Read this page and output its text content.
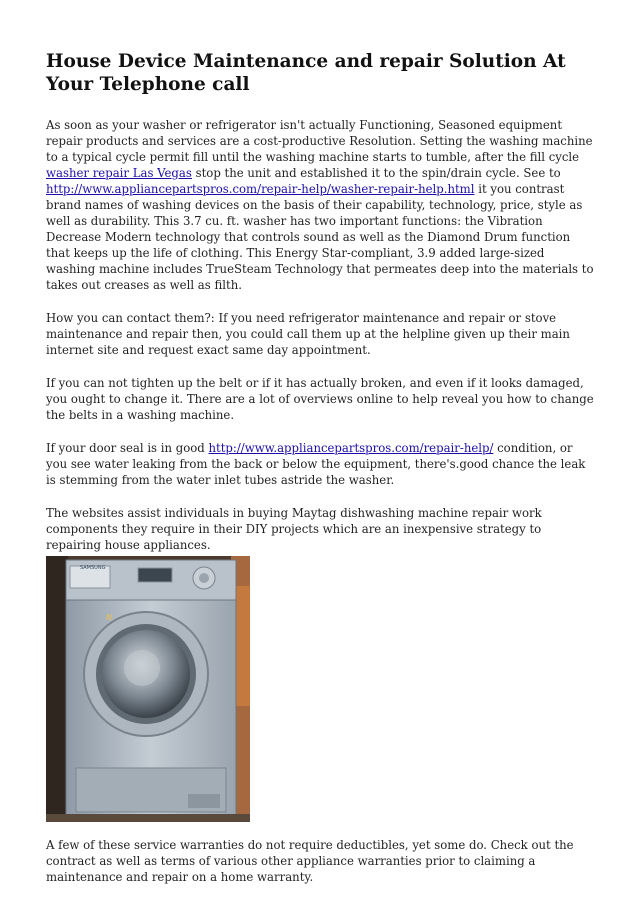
House Device Maintenance and repair Solution At Your Telephone call

As soon as your washer or refrigerator isn't actually Functioning, Seasoned equipment repair products and services are a cost-productive Resolution. Setting the washing machine to a typical cycle permit fill until the washing machine starts to tumble, after the fill cycle washer repair Las Vegas stop the unit and established it to the spin/drain cycle. See to http://www.appliancepartspros.com/repair-help/washer-repair-help.html it you contrast brand names of washing devices on the basis of their capability, technology, price, style as well as durability. This 3.7 cu. ft. washer has two important functions: the Vibration Decrease Modern technology that controls sound as well as the Diamond Drum function that keeps up the life of clothing. This Energy Star-compliant, 3.9 added large-sized washing machine includes TrueSteam Technology that permeates deep into the materials to takes out creases as well as filth.

How you can contact them?: If you need refrigerator maintenance and repair or stove maintenance and repair then, you could call them up at the helpline given up their main internet site and request exact same day appointment.

If you can not tighten up the belt or if it has actually broken, and even if it looks damaged, you ought to change it. There are a lot of overviews online to help reveal you how to change the belts in a washing machine.

If your door seal is in good http://www.appliancepartspros.com/repair-help/ condition, or you see water leaking from the back or below the equipment, there's.good chance the leak is stemming from the water inlet tubes astride the washer.

The websites assist individuals in buying Maytag dishwashing machine repair work components they require in their DIY projects which are an inexpensive strategy to repairing house appliances.

SAMSUNG
N

A few of these service warranties do not require deductibles, yet some do. Check out the contract as well as terms of various other appliance warranties prior to claiming a maintenance and repair on a home warranty.
